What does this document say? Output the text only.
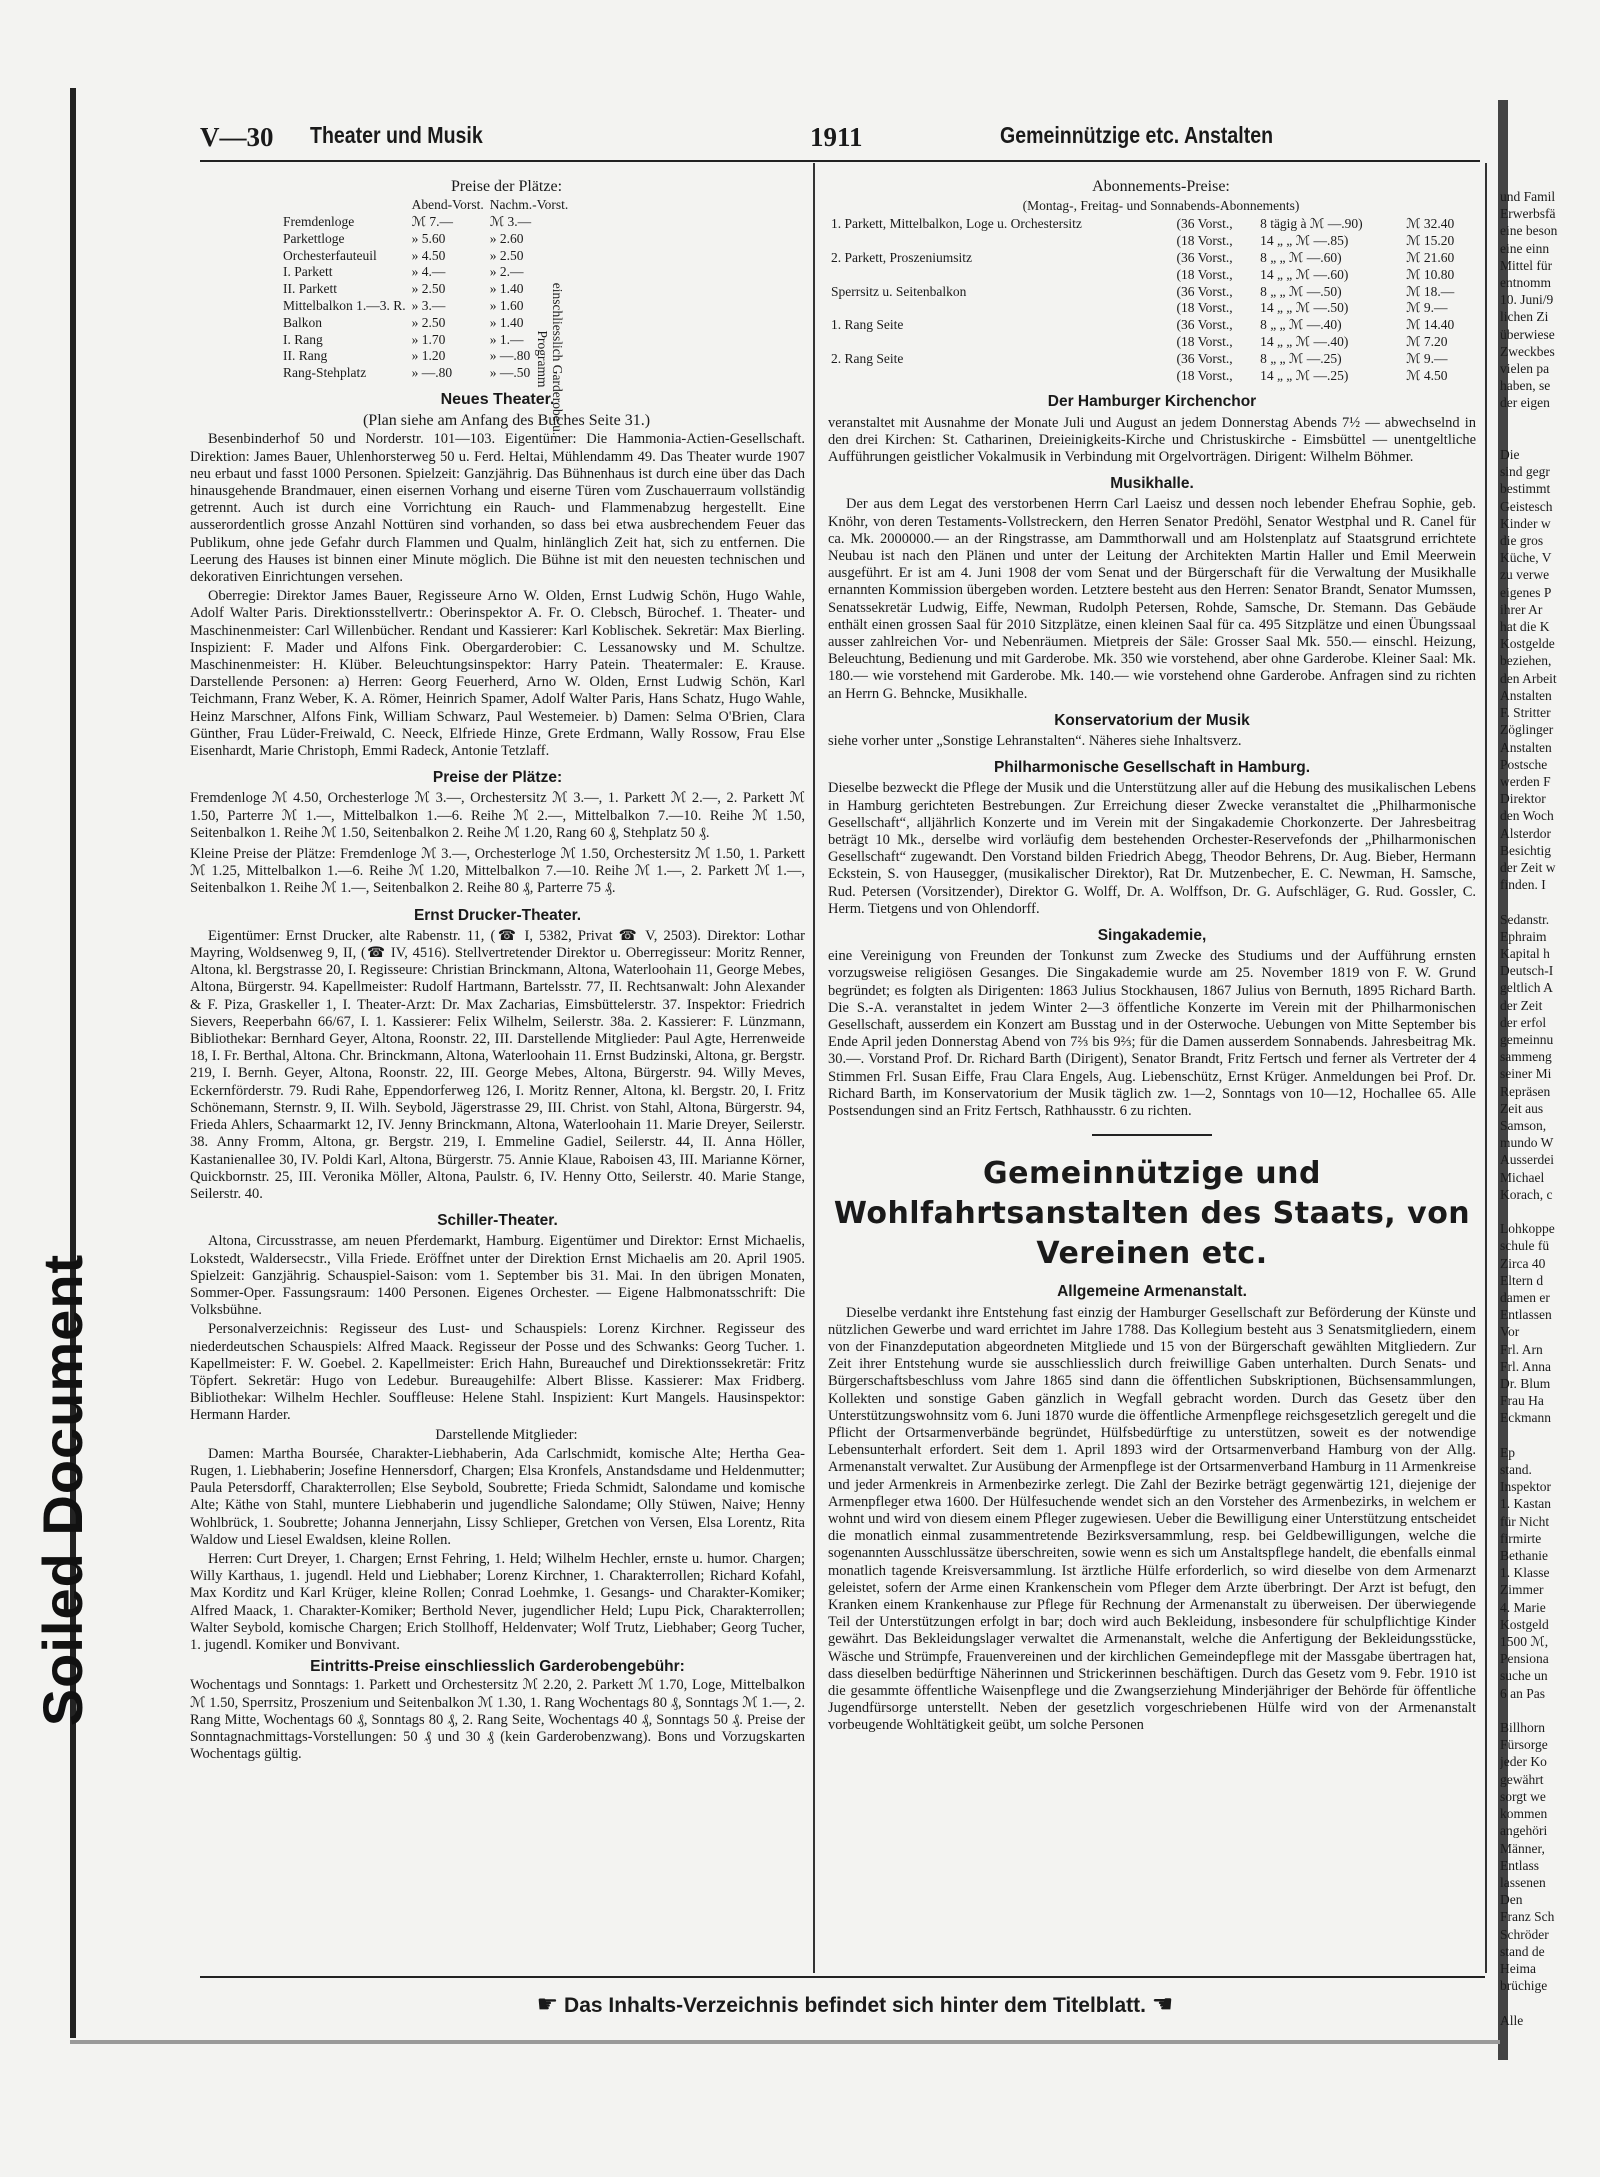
Soiled Document
V—30 Theater und Musik	1911	Gemeinnützige etc. Anstalten

Preise der Plätze:

	Abend-Vorst.	Nachm.-Vorst.
Fremdenloge	ℳ 7.—	ℳ 3.—
Parkettloge	» 5.60	» 2.60
Orchesterfauteuil	» 4.50	» 2.50
I. Parkett	» 4.—	» 2.—
II. Parkett	» 2.50	» 1.40
Mittelbalkon 1.—3. R.	» 3.—	» 1.60
Balkon	» 2.50	» 1.40
I. Rang	» 1.70	» 1.—
II. Rang	» 1.20	» —.80
Rang-Stehplatz	» —.80	» —.50	einschliesslich Garderobe u. Programm
Neues Theater.

(Plan siehe am Anfang des Buches Seite 31.)

Besenbinderhof 50 und Norderstr. 101—103. Eigentümer: Die Hammonia-Actien-Gesellschaft. Direktion: James Bauer, Uhlenhorsterweg 50 u. Ferd. Heltai, Mühlendamm 49. Das Theater wurde 1907 neu erbaut und fasst 1000 Personen. Spielzeit: Ganzjährig. Das Bühnenhaus ist durch eine über das Dach hinausgehende Brandmauer, einen eisernen Vorhang und eiserne Türen vom Zuschauerraum vollständig getrennt. Auch ist durch eine Vorrichtung ein Rauch- und Flammenabzug hergestellt. Eine ausserordentlich grosse Anzahl Nottüren sind vorhanden, so dass bei etwa ausbrechendem Feuer das Publikum, ohne jede Gefahr durch Flammen und Qualm, hinlänglich Zeit hat, sich zu entfernen. Die Leerung des Hauses ist binnen einer Minute möglich. Die Bühne ist mit den neuesten technischen und dekorativen Einrichtungen versehen.

Oberregie: Direktor James Bauer, Regisseure Arno W. Olden, Ernst Ludwig Schön, Hugo Wahle, Adolf Walter Paris. Direktionsstellvertr.: Oberinspektor A. Fr. O. Clebsch, Bürochef. 1. Theater- und Maschinenmeister: Carl Willenbücher. Rendant und Kassierer: Karl Koblischek. Sekretär: Max Bierling. Inspizient: F. Mader und Alfons Fink. Obergarderobier: C. Lessanowsky und M. Schultze. Maschinenmeister: H. Klüber. Beleuchtungsinspektor: Harry Patein. Theatermaler: E. Krause. Darstellende Personen: a) Herren: Georg Feuerherd, Arno W. Olden, Ernst Ludwig Schön, Karl Teichmann, Franz Weber, K. A. Römer, Heinrich Spamer, Adolf Walter Paris, Hans Schatz, Hugo Wahle, Heinz Marschner, Alfons Fink, William Schwarz, Paul Westemeier. b) Damen: Selma O'Brien, Clara Günther, Frau Lüder-Freiwald, C. Neeck, Elfriede Hinze, Grete Erdmann, Wally Rossow, Frau Else Eisenhardt, Marie Christoph, Emmi Radeck, Antonie Tetzlaff.

Preise der Plätze:

Fremdenloge ℳ 4.50, Orchesterloge ℳ 3.—, Orchestersitz ℳ 3.—, 1. Parkett ℳ 2.—, 2. Parkett ℳ 1.50, Parterre ℳ 1.—, Mittelbalkon 1.—6. Reihe ℳ 2.—, Mittelbalkon 7.—10. Reihe ℳ 1.50, Seitenbalkon 1. Reihe ℳ 1.50, Seitenbalkon 2. Reihe ℳ 1.20, Rang 60 ₰, Stehplatz 50 ₰.

Kleine Preise der Plätze: Fremdenloge ℳ 3.—, Orchesterloge ℳ 1.50, Orchestersitz ℳ 1.50, 1. Parkett ℳ 1.25, Mittelbalkon 1.—6. Reihe ℳ 1.20, Mittelbalkon 7.—10. Reihe ℳ 1.—, 2. Parkett ℳ 1.—, Seitenbalkon 1. Reihe ℳ 1.—, Seitenbalkon 2. Reihe 80 ₰, Parterre 75 ₰.

Ernst Drucker-Theater.

Eigentümer: Ernst Drucker, alte Rabenstr. 11, (☎ I, 5382, Privat ☎ V, 2503). Direktor: Lothar Mayring, Woldsenweg 9, II, (☎ IV, 4516). Stellvertretender Direktor u. Oberregisseur: Moritz Renner, Altona, kl. Bergstrasse 20, I. Regisseure: Christian Brinckmann, Altona, Waterloohain 11, George Mebes, Altona, Bürgerstr. 94. Kapellmeister: Rudolf Hartmann, Bartelsstr. 77, II. Rechtsanwalt: John Alexander & F. Piza, Graskeller 1, I. Theater-Arzt: Dr. Max Zacharias, Eimsbüttelerstr. 37. Inspektor: Friedrich Sievers, Reeperbahn 66/67, I. 1. Kassierer: Felix Wilhelm, Seilerstr. 38a. 2. Kassierer: F. Lünzmann, Bibliothekar: Bernhard Geyer, Altona, Roonstr. 22, III. Darstellende Mitglieder: Paul Agte, Herrenweide 18, I. Fr. Berthal, Altona. Chr. Brinckmann, Altona, Waterloohain 11. Ernst Budzinski, Altona, gr. Bergstr. 219, I. Bernh. Geyer, Altona, Roonstr. 22, III. George Mebes, Altona, Bürgerstr. 94. Willy Meves, Eckernförderstr. 79. Rudi Rahe, Eppendorferweg 126, I. Moritz Renner, Altona, kl. Bergstr. 20, I. Fritz Schönemann, Sternstr. 9, II. Wilh. Seybold, Jägerstrasse 29, III. Christ. von Stahl, Altona, Bürgerstr. 94, Frieda Ahlers, Schaarmarkt 12, IV. Jenny Brinckmann, Altona, Waterloohain 11. Marie Dreyer, Seilerstr. 38. Anny Fromm, Altona, gr. Bergstr. 219, I. Emmeline Gadiel, Seilerstr. 44, II. Anna Höller, Kastanienallee 30, IV. Poldi Karl, Altona, Bürgerstr. 75. Annie Klaue, Raboisen 43, III. Marianne Körner, Quickbornstr. 25, III. Veronika Möller, Altona, Paulstr. 6, IV. Henny Otto, Seilerstr. 40. Marie Stange, Seilerstr. 40.

Schiller-Theater.

Altona, Circusstrasse, am neuen Pferdemarkt, Hamburg. Eigentümer und Direktor: Ernst Michaelis, Lokstedt, Waldersecstr., Villa Friede. Eröffnet unter der Direktion Ernst Michaelis am 20. April 1905. Spielzeit: Ganzjährig. Schauspiel-Saison: vom 1. September bis 31. Mai. In den übrigen Monaten, Sommer-Oper. Fassungsraum: 1400 Personen. Eigenes Orchester. — Eigene Halbmonatsschrift: Die Volksbühne.

Personalverzeichnis: Regisseur des Lust- und Schauspiels: Lorenz Kirchner. Regisseur des niederdeutschen Schauspiels: Alfred Maack. Regisseur der Posse und des Schwanks: Georg Tucher. 1. Kapellmeister: F. W. Goebel. 2. Kapellmeister: Erich Hahn, Bureauchef und Direktionssekretär: Fritz Töpfert. Sekretär: Hugo von Ledebur. Bureaugehilfe: Albert Blisse. Kassierer: Max Fridberg. Bibliothekar: Wilhelm Hechler. Souffleuse: Helene Stahl. Inspizient: Kurt Mangels. Hausinspektor: Hermann Harder.

Darstellende Mitglieder:

Damen: Martha Boursée, Charakter-Liebhaberin, Ada Carlschmidt, komische Alte; Hertha Gea-Rugen, 1. Liebhaberin; Josefine Hennersdorf, Chargen; Elsa Kronfels, Anstandsdame und Heldenmutter; Paula Petersdorff, Charakterrollen; Else Seybold, Soubrette; Frieda Schmidt, Salondame und komische Alte; Käthe von Stahl, muntere Liebhaberin und jugendliche Salondame; Olly Stüwen, Naive; Henny Wohlbrück, 1. Soubrette; Johanna Jennerjahn, Lissy Schlieper, Gretchen von Versen, Elsa Lorentz, Rita Waldow und Liesel Ewaldsen, kleine Rollen.

Herren: Curt Dreyer, 1. Chargen; Ernst Fehring, 1. Held; Wilhelm Hechler, ernste u. humor. Chargen; Willy Karthaus, 1. jugendl. Held und Liebhaber; Lorenz Kirchner, 1. Charakterrollen; Richard Kofahl, Max Korditz und Karl Krüger, kleine Rollen; Conrad Loehmke, 1. Gesangs- und Charakter-Komiker; Alfred Maack, 1. Charakter-Komiker; Berthold Never, jugendlicher Held; Lupu Pick, Charakterrollen; Walter Seybold, komische Chargen; Erich Stollhoff, Heldenvater; Wolf Trutz, Liebhaber; Georg Tucher, 1. jugendl. Komiker und Bonvivant.

Eintritts-Preise einschliesslich Garderobengebühr:

Wochentags und Sonntags: 1. Parkett und Orchestersitz ℳ 2.20, 2. Parkett ℳ 1.70, Loge, Mittelbalkon ℳ 1.50, Sperrsitz, Proszenium und Seitenbalkon ℳ 1.30, 1. Rang Wochentags 80 ₰, Sonntags ℳ 1.—, 2. Rang Mitte, Wochentags 60 ₰, Sonntags 80 ₰, 2. Rang Seite, Wochentags 40 ₰, Sonntags 50 ₰. Preise der Sonntagnachmittags-Vorstellungen: 50 ₰ und 30 ₰ (kein Garderobenzwang). Bons und Vorzugskarten Wochentags gültig.

Abonnements-Preise:

(Montag-, Freitag- und Sonnabends-Abonnements)

1. Parkett, Mittelbalkon, Loge u. Orchestersitz	(36 Vorst.,	8 tägig à ℳ —.90)	ℳ 32.40
	(18 Vorst.,	14 „ „ ℳ —.85)	ℳ 15.20
2. Parkett, Proszeniumsitz	(36 Vorst.,	8 „ „ ℳ —.60)	ℳ 21.60
	(18 Vorst.,	14 „ „ ℳ —.60)	ℳ 10.80
Sperrsitz u. Seitenbalkon	(36 Vorst.,	8 „ „ ℳ —.50)	ℳ 18.—
	(18 Vorst.,	14 „ „ ℳ —.50)	ℳ 9.—
1. Rang Seite	(36 Vorst.,	8 „ „ ℳ —.40)	ℳ 14.40
	(18 Vorst.,	14 „ „ ℳ —.40)	ℳ 7.20
2. Rang Seite	(36 Vorst.,	8 „ „ ℳ —.25)	ℳ 9.—
	(18 Vorst.,	14 „ „ ℳ —.25)	ℳ 4.50
Der Hamburger Kirchenchor

veranstaltet mit Ausnahme der Monate Juli und August an jedem Donnerstag Abends 7½ — abwechselnd in den drei Kirchen: St. Catharinen, Dreieinigkeits-Kirche und Christuskirche - Eimsbüttel — unentgeltliche Aufführungen geistlicher Vokalmusik in Verbindung mit Orgelvorträgen. Dirigent: Wilhelm Böhmer.

Musikhalle.

Der aus dem Legat des verstorbenen Herrn Carl Laeisz und dessen noch lebender Ehefrau Sophie, geb. Knöhr, von deren Testaments-Vollstreckern, den Herren Senator Predöhl, Senator Westphal und R. Canel für ca. Mk. 2000000.— an der Ringstrasse, am Dammthorwall und am Holstenplatz auf Staatsgrund errichtete Neubau ist nach den Plänen und unter der Leitung der Architekten Martin Haller und Emil Meerwein ausgeführt. Er ist am 4. Juni 1908 der vom Senat und der Bürgerschaft für die Verwaltung der Musikhalle ernannten Kommission übergeben worden. Letztere besteht aus den Herren: Senator Brandt, Senator Mumssen, Senatssekretär Ludwig, Eiffe, Newman, Rudolph Petersen, Rohde, Samsche, Dr. Stemann. Das Gebäude enthält einen grossen Saal für 2010 Sitzplätze, einen kleinen Saal für ca. 495 Sitzplätze und einen Übungssaal ausser zahlreichen Vor- und Nebenräumen. Mietpreis der Säle: Grosser Saal Mk. 550.— einschl. Heizung, Beleuchtung, Bedienung und mit Garderobe. Mk. 350 wie vorstehend, aber ohne Garderobe. Kleiner Saal: Mk. 180.— wie vorstehend mit Garderobe. Mk. 140.— wie vorstehend ohne Garderobe. Anfragen sind zu richten an Herrn G. Behncke, Musikhalle.

Konservatorium der Musik

siehe vorher unter „Sonstige Lehranstalten“. Näheres siehe Inhaltsverz.

Philharmonische Gesellschaft in Hamburg.

Dieselbe bezweckt die Pflege der Musik und die Unterstützung aller auf die Hebung des musikalischen Lebens in Hamburg gerichteten Bestrebungen. Zur Erreichung dieser Zwecke veranstaltet die „Philharmonische Gesellschaft“, alljährlich Konzerte und im Verein mit der Singakademie Chorkonzerte. Der Jahresbeitrag beträgt 10 Mk., derselbe wird vorläufig dem bestehenden Orchester-Reservefonds der „Philharmonischen Gesellschaft“ zugewandt. Den Vorstand bilden Friedrich Abegg, Theodor Behrens, Dr. Aug. Bieber, Hermann Eckstein, S. von Hausegger, (musikalischer Direktor), Rat Dr. Mutzenbecher, E. C. Newman, H. Samsche, Rud. Petersen (Vorsitzender), Direktor G. Wolff, Dr. A. Wolffson, Dr. G. Aufschläger, G. Rud. Gossler, C. Herm. Tietgens und von Ohlendorff.

Singakademie,

eine Vereinigung von Freunden der Tonkunst zum Zwecke des Studiums und der Aufführung ernsten vorzugsweise religiösen Gesanges. Die Singakademie wurde am 25. November 1819 von F. W. Grund begründet; es folgten als Dirigenten: 1863 Julius Stockhausen, 1867 Julius von Bernuth, 1895 Richard Barth. Die S.-A. veranstaltet in jedem Winter 2—3 öffentliche Konzerte im Verein mit der Philharmonischen Gesellschaft, ausserdem ein Konzert am Busstag und in der Osterwoche. Uebungen von Mitte September bis Ende April jeden Donnerstag Abend von 7⅔ bis 9⅔; für die Damen ausserdem Sonnabends. Jahresbeitrag Mk. 30.—. Vorstand Prof. Dr. Richard Barth (Dirigent), Senator Brandt, Fritz Fertsch und ferner als Vertreter der 4 Stimmen Frl. Susan Eiffe, Frau Clara Engels, Aug. Liebenschütz, Ernst Krüger. Anmeldungen bei Prof. Dr. Richard Barth, im Konservatorium der Musik täglich zw. 1—2, Sonntags von 10—12, Hochallee 65. Alle Postsendungen sind an Fritz Fertsch, Rathhausstr. 6 zu richten.

Gemeinnützige und Wohlfahrtsanstalten des Staats, von Vereinen etc.
Allgemeine Armenanstalt.

Dieselbe verdankt ihre Entstehung fast einzig der Hamburger Gesellschaft zur Beförderung der Künste und nützlichen Gewerbe und ward errichtet im Jahre 1788. Das Kollegium besteht aus 3 Senatsmitgliedern, einem von der Finanzdeputation abgeordneten Mitgliede und 15 von der Bürgerschaft gewählten Mitgliedern. Zur Zeit ihrer Entstehung wurde sie ausschliesslich durch freiwillige Gaben unterhalten. Durch Senats- und Bürgerschaftsbeschluss vom Jahre 1865 sind dann die öffentlichen Subskriptionen, Büchsensammlungen, Kollekten und sonstige Gaben gänzlich in Wegfall gebracht worden. Durch das Gesetz über den Unterstützungswohnsitz vom 6. Juni 1870 wurde die öffentliche Armenpflege reichsgesetzlich geregelt und die Pflicht der Ortsarmenverbände begründet, Hülfsbedürftige zu unterstützen, soweit es der notwendige Lebensunterhalt erfordert. Seit dem 1. April 1893 wird der Ortsarmenverband Hamburg von der Allg. Armenanstalt verwaltet. Zur Ausübung der Armenpflege ist der Ortsarmenverband Hamburg in 11 Armenkreise und jeder Armenkreis in Armenbezirke zerlegt. Die Zahl der Bezirke beträgt gegenwärtig 121, diejenige der Armenpfleger etwa 1600. Der Hülfesuchende wendet sich an den Vorsteher des Armenbezirks, in welchem er wohnt und wird von diesem einem Pfleger zugewiesen. Ueber die Bewilligung einer Unterstützung entscheidet die monatlich einmal zusammentretende Bezirksversammlung, resp. bei Geldbewilligungen, welche die sogenannten Ausschlussätze überschreiten, sowie wenn es sich um Anstaltspflege handelt, die ebenfalls einmal monatlich tagende Kreisversammlung. Ist ärztliche Hülfe erforderlich, so wird dieselbe von dem Armenarzt geleistet, sofern der Arme einen Krankenschein vom Pfleger dem Arzte überbringt. Der Arzt ist befugt, den Kranken einem Krankenhause zur Pflege für Rechnung der Armenanstalt zu überweisen. Der überwiegende Teil der Unterstützungen erfolgt in bar; doch wird auch Bekleidung, insbesondere für schulpflichtige Kinder gewährt. Das Bekleidungslager verwaltet die Armenanstalt, welche die Anfertigung der Bekleidungsstücke, Wäsche und Strümpfe, Frauenvereinen und der kirchlichen Gemeindepflege mit der Massgabe übertragen hat, dass dieselben bedürftige Näherinnen und Strickerinnen beschäftigen. Durch das Gesetz vom 9. Febr. 1910 ist die gesammte öffentliche Waisenpflege und die Zwangserziehung Minderjähriger der Behörde für öffentliche Jugendfürsorge unterstellt. Neben der gesetzlich vorgeschriebenen Hülfe wird von der Armenanstalt vorbeugende Wohltätigkeit geübt, um solche Personen

und Famil
Erwerbsfä
eine beson
eine einn
Mittel für
entnomm
10. Juni/9
lichen Zi
überwiese
Zweckbes
vielen pa
haben, se
der eigen

Die
sind gegr
bestimmt
Geistesch
Kinder w
die gros
Küche, V
zu verwe
eigenes P
ihrer Ar
hat die K
Kostgelde
beziehen,
den Arbeit
Anstalten
F. Stritter
Zöglinger
Anstalten
Postsche
werden F
Direktor
den Woch
Alsterdor
Besichtig
der Zeit w
finden. I

Sedanstr.
Ephraim
Kapital h
Deutsch-I
geltlich A
der Zeit
der erfol
gemeinnu
sammeng
seiner Mi
Repräsen
Zeit aus
Samson,
mundo W
Ausserdei
Michael
Korach, c

Lohkoppe
schule fü
Zirca 40
Eltern d
damen er
Entlassen
Vor
Frl. Arn
Frl. Anna
Dr. Blum
Frau Ha
Eckmann

Ep
stand.
Inspektor
1. Kastan
für Nicht
firmirte
Bethanie
1. Klasse
Zimmer
4. Marie
Kostgeld
1500 ℳ,
Pensiona
suche un
6 an Pas

Billhorn
Fürsorge
jeder Ko
gewährt
sorgt we
kommen
angehöri
Männer,
Entlass
lassenen
Den
Franz Sch
Schröder
stand de
Heima
brüchige

Alle
☛ Das Inhalts-Verzeichnis befindet sich hinter dem Titelblatt. ☚
